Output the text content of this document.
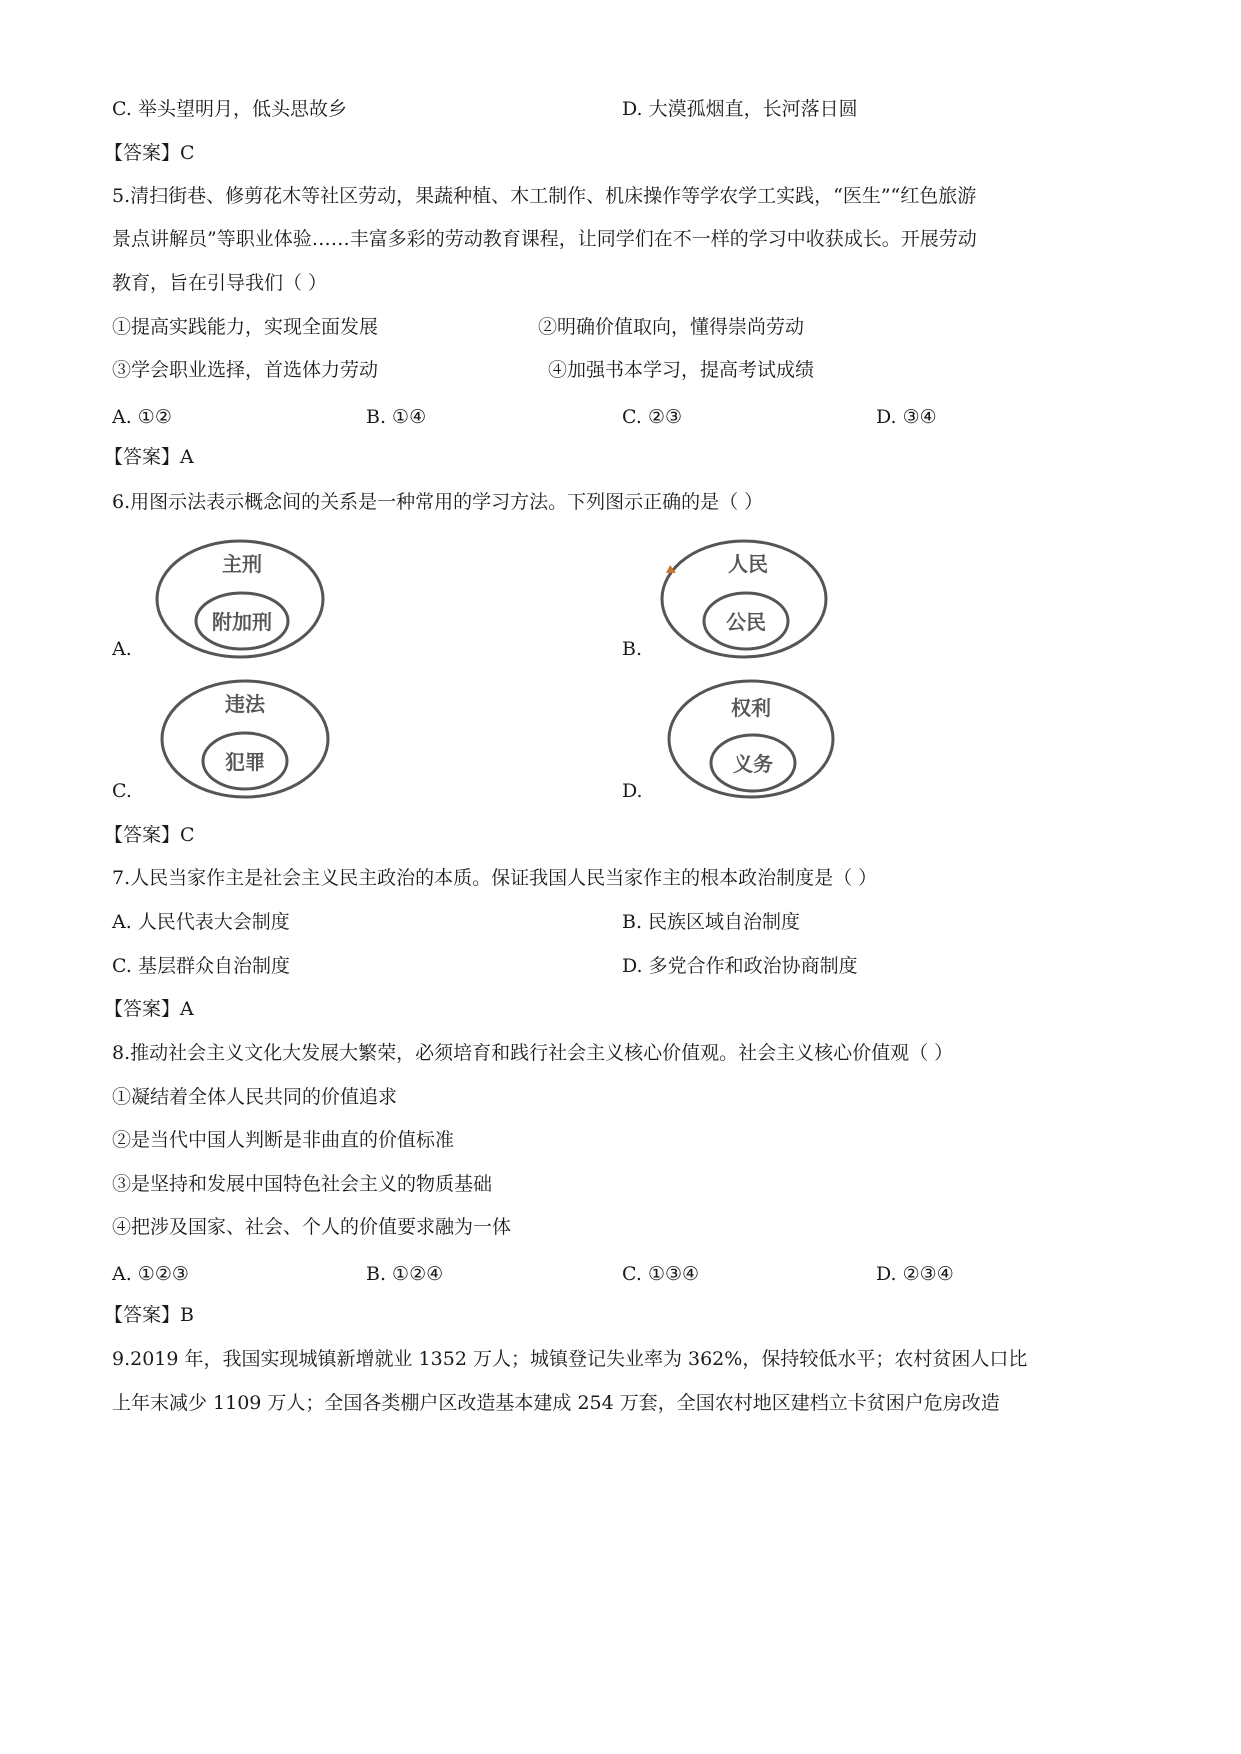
C. 举头望明月，低头思故乡	D. 大漠孤烟直，长河落日圆
【答案】C
5.清扫街巷、修剪花木等社区劳动，果蔬种植、木工制作、机床操作等学农学工实践，“医生”“红色旅游
景点讲解员”等职业体验……丰富多彩的劳动教育课程，让同学们在不一样的学习中收获成长。开展劳动
教育，旨在引导我们（ ）
①提高实践能力，实现全面发展	②明确价值取向，懂得崇尚劳动
③学会职业选择，首选体力劳动	④加强书本学习，提高考试成绩
A. ①②	B. ①④	C. ②③	D. ③④
【答案】A
6.用图示法表示概念间的关系是一种常用的学习方法。下列图示正确的是（ ）
A.
主刑
附加刑
B.
人民
公民
C.
违法
犯罪
D.
权利
义务
【答案】C
7.人民当家作主是社会主义民主政治的本质。保证我国人民当家作主的根本政治制度是（ ）
A. 人民代表大会制度	B. 民族区域自治制度
C. 基层群众自治制度	D. 多党合作和政治协商制度
【答案】A
8.推动社会主义文化大发展大繁荣，必须培育和践行社会主义核心价值观。社会主义核心价值观（ ）
①凝结着全体人民共同的价值追求
②是当代中国人判断是非曲直的价值标准
③是坚持和发展中国特色社会主义的物质基础
④把涉及国家、社会、个人的价值要求融为一体
A. ①②③	B. ①②④	C. ①③④	D. ②③④
【答案】B
9.2019 年，我国实现城镇新增就业 1352 万人；城镇登记失业率为 362%，保持较低水平；农村贫困人口比
上年末减少 1109 万人；全国各类棚户区改造基本建成 254 万套，全国农村地区建档立卡贫困户危房改造
